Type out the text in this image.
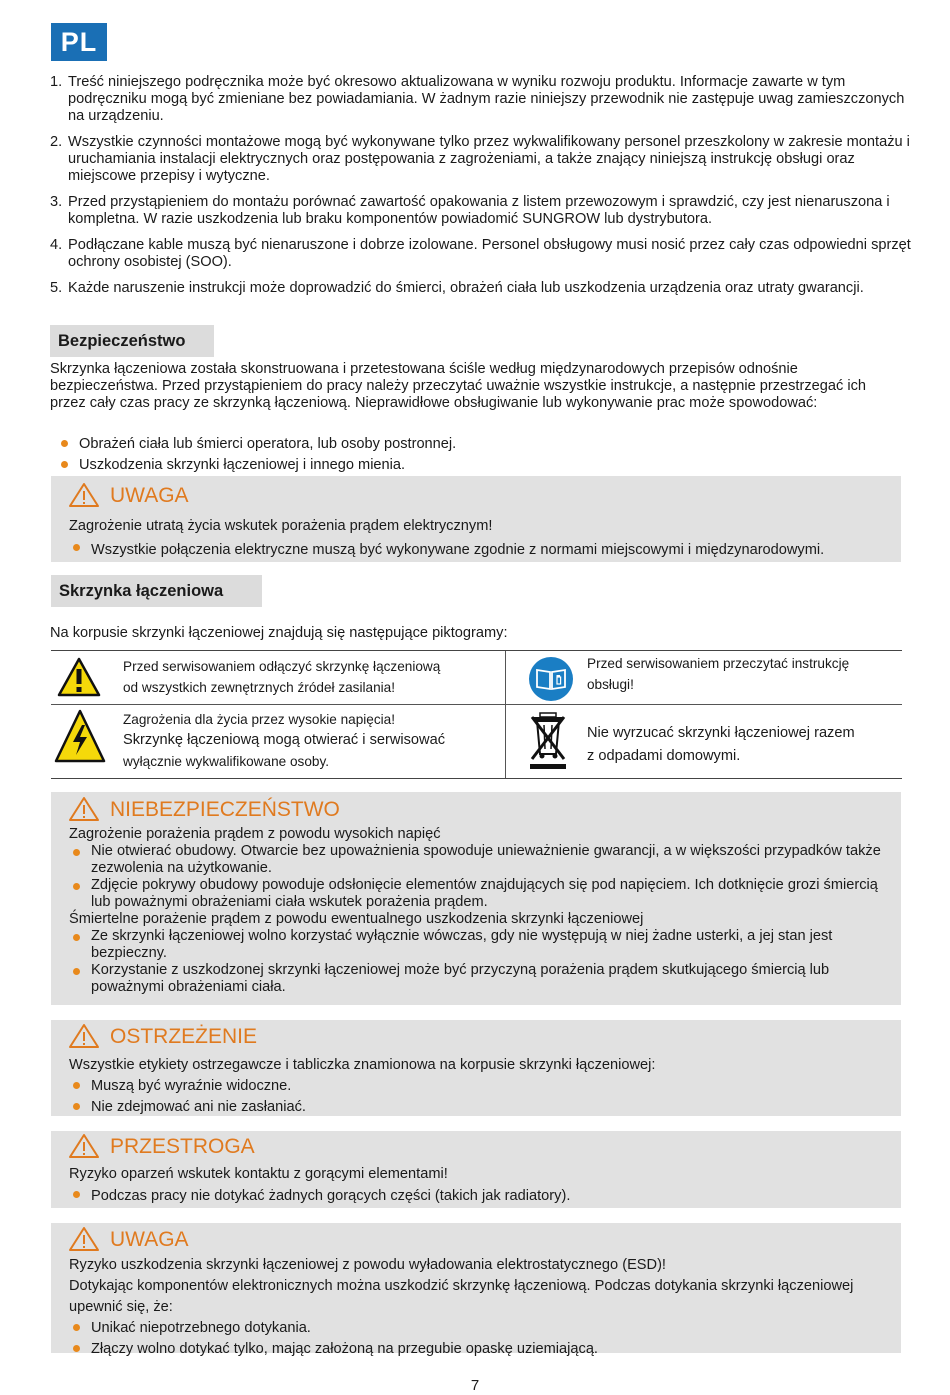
PL
1. Treść niniejszego podręcznika może być okresowo aktualizowana w wyniku rozwoju produktu. Informacje zawarte w tym podręczniku mogą być zmieniane bez powiadamiania. W żadnym razie niniejszy przewodnik nie zastępuje uwag zamieszczonych na urządzeniu.
2. Wszystkie czynności montażowe mogą być wykonywane tylko przez wykwalifikowany personel przeszkolony w zakresie montażu i uruchamiania instalacji elektrycznych oraz postępowania z zagrożeniami, a także znający niniejszą instrukcję obsługi oraz miejscowe przepisy i wytyczne.
3. Przed przystąpieniem do montażu porównać zawartość opakowania z listem przewozowym i sprawdzić, czy jest nienaruszona i kompletna. W razie uszkodzenia lub braku komponentów powiadomić SUNGROW lub dystrybutora.
4. Podłączane kable muszą być nienaruszone i dobrze izolowane. Personel obsługowy musi nosić przez cały czas odpowiedni sprzęt ochrony osobistej (SOO).
5. Każde naruszenie instrukcji może doprowadzić do śmierci, obrażeń ciała lub uszkodzenia urządzenia oraz utraty gwarancji.
Bezpieczeństwo

Skrzynka łączeniowa została skonstruowana i przetestowana ściśle według międzynarodowych przepisów odnośnie bezpieczeństwa. Przed przystąpieniem do pracy należy przeczytać uważnie wszystkie instrukcje, a następnie przestrzegać ich przez cały czas pracy ze skrzynką łączeniową. Nieprawidłowe obsługiwanie lub wykonywanie prac może spowodować:

Obrażeń ciała lub śmierci operatora, lub osoby postronnej.
Uszkodzenia skrzynki łączeniowej i innego mienia.
UWAGA

Zagrożenie utratą życia wskutek porażenia prądem elektrycznym!

Wszystkie połączenia elektryczne muszą być wykonywane zgodnie z normami miejscowymi i międzynarodowymi.
Skrzynka łączeniowa

Na korpusie skrzynki łączeniowej znajdują się następujące piktogramy:

Przed serwisowaniem odłączyć skrzynkę łączeniową
od wszystkich zewnętrznych źródeł zasilania!
Przed serwisowaniem przeczytać instrukcję
obsługi!
Zagrożenia dla życia przez wysokie napięcia!
Skrzynkę łączeniową mogą otwierać i serwisować
wyłącznie wykwalifikowane osoby.
Nie wyrzucać skrzynki łączeniowej razem
z odpadami domowymi.
NIEBEZPIECZEŃSTWO

Zagrożenie porażenia prądem z powodu wysokich napięć

Nie otwierać obudowy. Otwarcie bez upoważnienia spowoduje unieważnienie gwarancji, a w większości przypadków także zezwolenia na użytkowanie.
Zdjęcie pokrywy obudowy powoduje odsłonięcie elementów znajdujących się pod napięciem. Ich dotknięcie grozi śmiercią lub poważnymi obrażeniami ciała wskutek porażenia prądem.

Śmiertelne porażenie prądem z powodu ewentualnego uszkodzenia skrzynki łączeniowej

Ze skrzynki łączeniowej wolno korzystać wyłącznie wówczas, gdy nie występują w niej żadne usterki, a jej stan jest bezpieczny.
Korzystanie z uszkodzonej skrzynki łączeniowej może być przyczyną porażenia prądem skutkującego śmiercią lub poważnymi obrażeniami ciała.
OSTRZEŻENIE

Wszystkie etykiety ostrzegawcze i tabliczka znamionowa na korpusie skrzynki łączeniowej:

Muszą być wyraźnie widoczne.
Nie zdejmować ani nie zasłaniać.
PRZESTROGA

Ryzyko oparzeń wskutek kontaktu z gorącymi elementami!

Podczas pracy nie dotykać żadnych gorących części (takich jak radiatory).
UWAGA

Ryzyko uszkodzenia skrzynki łączeniowej z powodu wyładowania elektrostatycznego (ESD)!

Dotykając komponentów elektronicznych można uszkodzić skrzynkę łączeniową. Podczas dotykania skrzynki łączeniowej upewnić się, że:

Unikać niepotrzebnego dotykania.
Złączy wolno dotykać tylko, mając założoną na przegubie opaskę uziemiającą.
7
